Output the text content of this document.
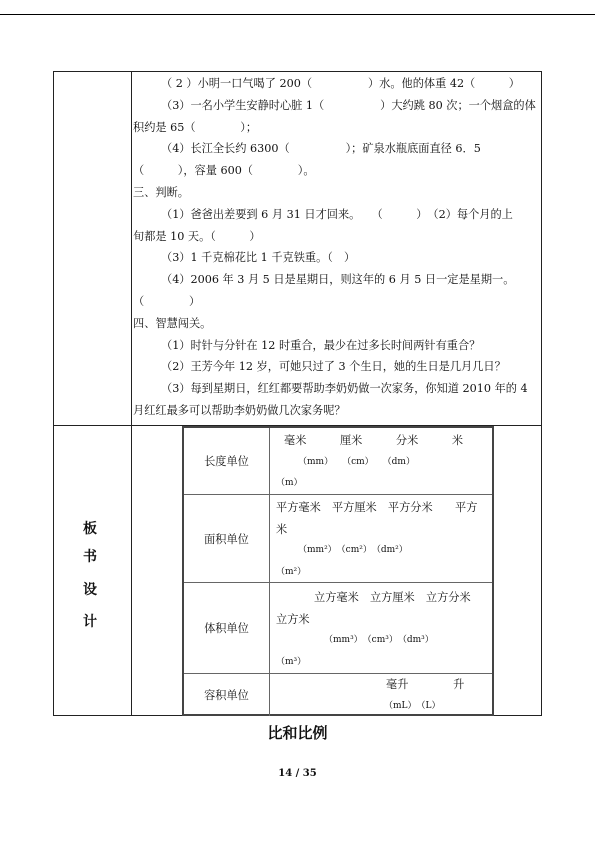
（ 2 ）小明一口气喝了 200（　　　　　）水。他的体重 42（　　　）

（3）一名小学生安静时心脏 1（　　　　　）大约跳 80 次；一个烟盒的体

积约是 65（　　　　）；

（4）长江全长约 6300（　　　　　）；矿泉水瓶底面直径 6．5

（　　　），容量 600（　　　　）。

三、判断。

（1）爸爸出差要到 6 月 31 日才回来。　　（　　　）　（2）每个月的上

旬都是 10 天。（　　　）

（3）1 千克棉花比 1 千克铁重。（　）

（4）2006 年 3 月 5 日是星期日，则这年的 6 月 5 日一定是星期一。

（　　　　）

四、智慧闯关。

（1）时针与分针在 12 时重合，最少在过多长时间两针有重合？

（2）王芳今年 12 岁，可她只过了 3 个生日，她的生日是几月几日？

（3）每到星期日，红红都要帮助李奶奶做一次家务，你知道 2010 年的 4

月红红最多可以帮助李奶奶做几次家务呢？

板
书
设
计
长度单位
毫米　　　厘米　　　分米　　　米
（mm）　　（cm）　　（dm）
（m）
面积单位
平方毫米　平方厘米　平方分米　　平方
米
（mm²）　（cm²）　（dm²）
（m²）
体积单位
立方毫米　立方厘米　立方分米
立方米
（mm³）　（cm³）　（dm³）
（m³）
容积单位
毫升　　　　升
（mL）　（L）
比和比例
14 / 35
